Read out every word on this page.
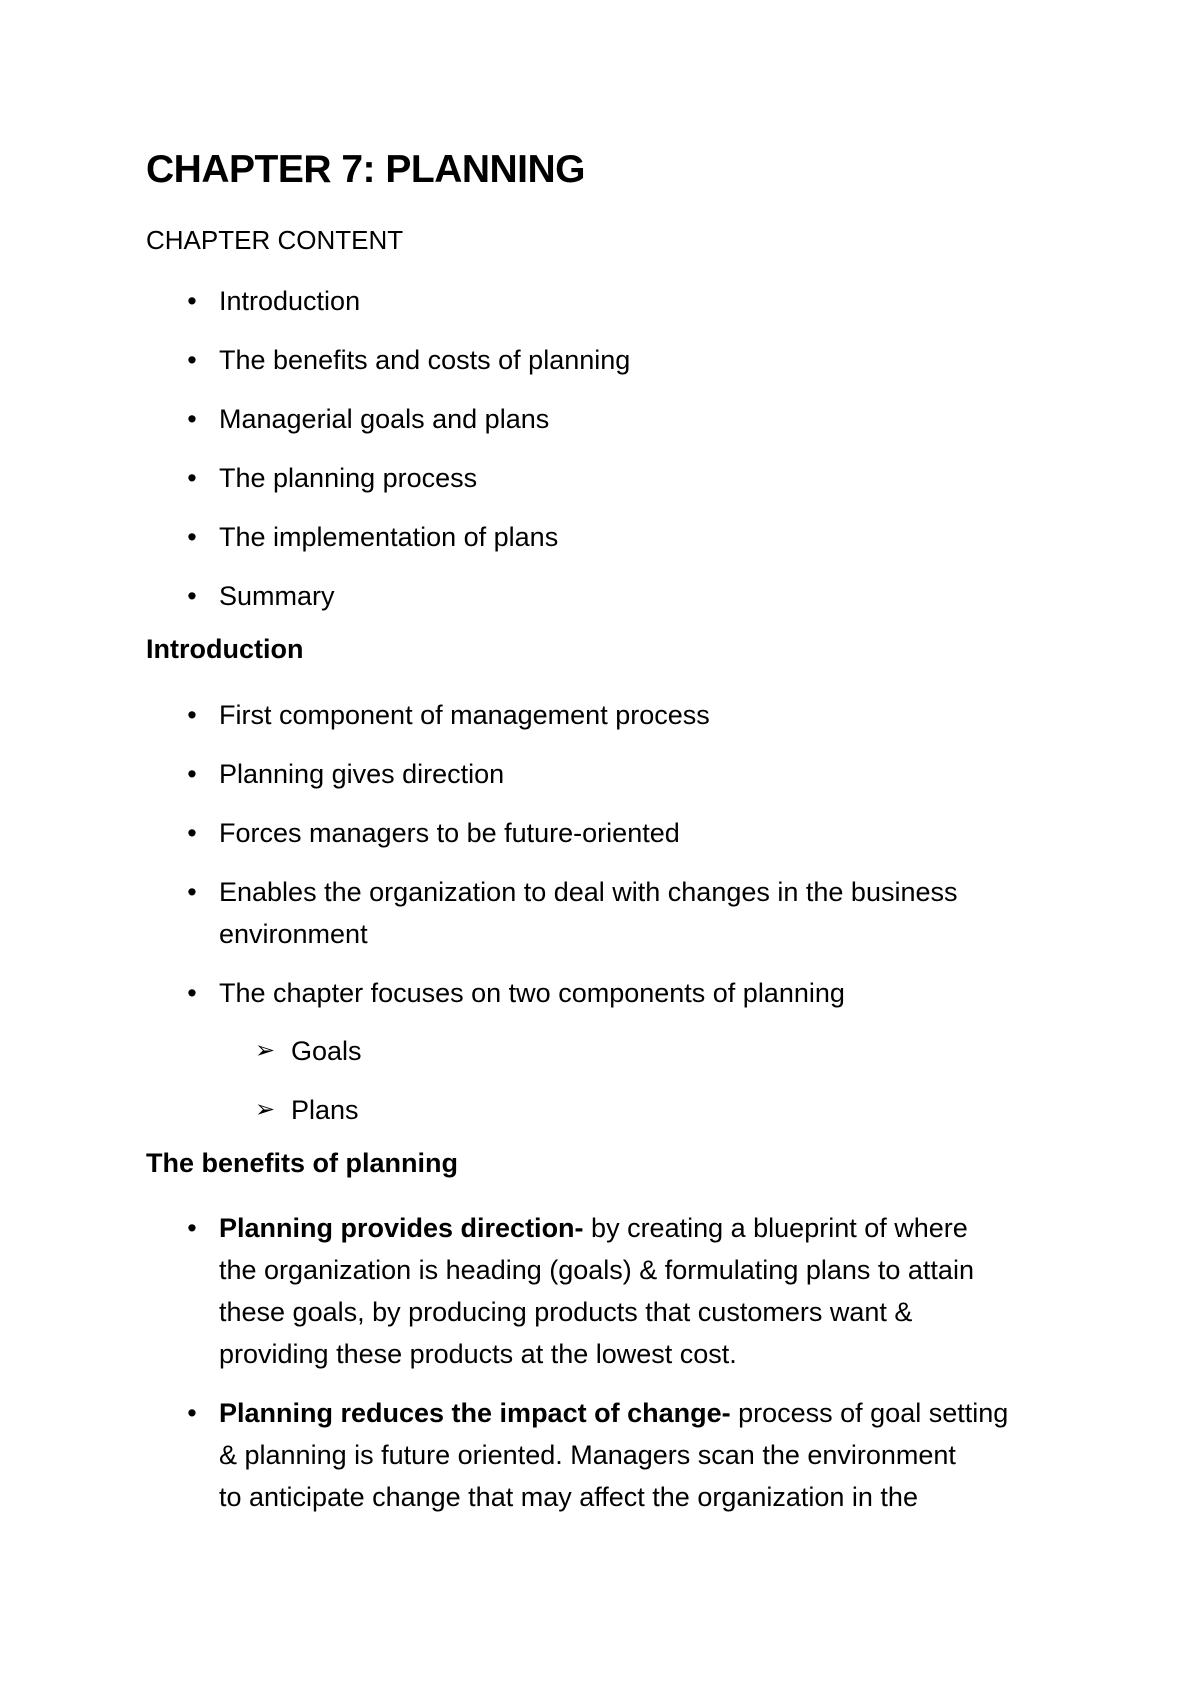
CHAPTER 7: PLANNING
CHAPTER CONTENT
• Introduction
• The benefits and costs of planning
• Managerial goals and plans
• The planning process
• The implementation of plans
• Summary
Introduction
• First component of management process
• Planning gives direction
• Forces managers to be future-oriented
• Enables the organization to deal with changes in the business
environment
• The chapter focuses on two components of planning
➢ Goals
➢ Plans
The benefits of planning
• Planning provides direction- by creating a blueprint of where
the organization is heading (goals) & formulating plans to attain
these goals, by producing products that customers want &
providing these products at the lowest cost.
• Planning reduces the impact of change- process of goal setting
& planning is future oriented. Managers scan the environment
to anticipate change that may affect the organization in the
